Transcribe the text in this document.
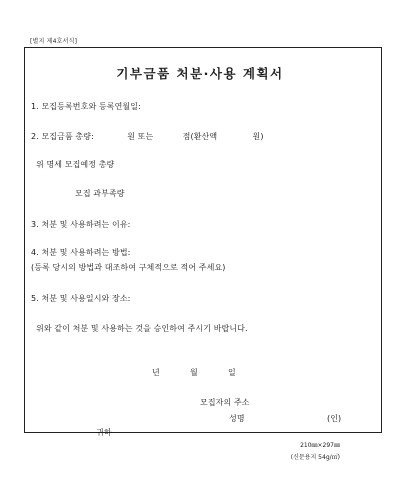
[별지 제4호서식]
기부금품 처분·사용 계획서
1. 모집등록번호와 등록연월일:
2. 모집금품 총량:	원 또는	점(환산액	원)
위 명세 모집예정 총량
모집 과부족량
3. 처분 및 사용하려는 이유:
4. 처분 및 사용하려는 방법:
(등록 당시의 방법과 대조하여 구체적으로 적어 주세요)
5. 처분 및 사용일시와 장소:
위와 같이 처분 및 사용하는 것을 승인하여 주시기 바랍니다.
년	월	일
모집자의 주소
성명	(인)
귀하
210㎜×297㎜
(신문용지 54g/㎡)
